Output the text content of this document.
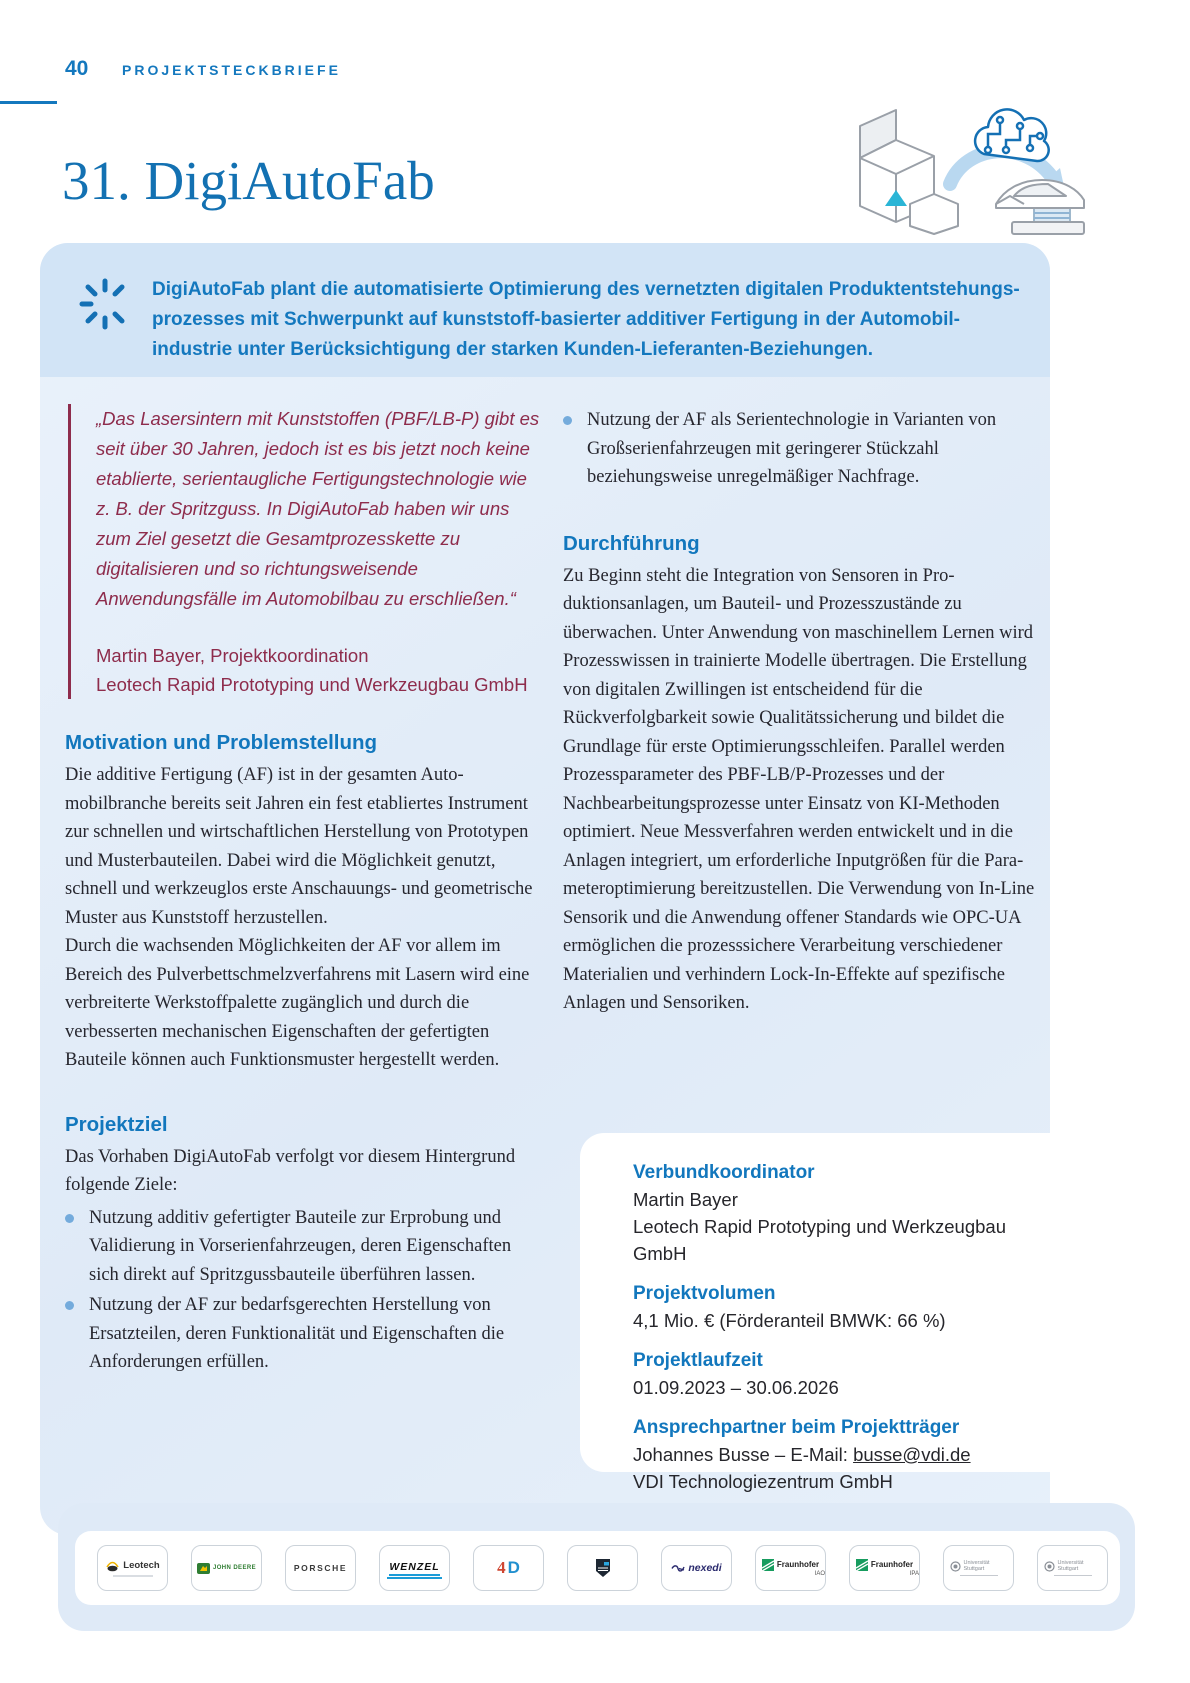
40 PROJEKTSTECKBRIEFE
31. DigiAutoFab
DigiAutoFab plant die automatisierte Optimierung des vernetzten digitalen Produktentstehungsprozesses mit Schwerpunkt auf kunststoff-basierter additiver Fertigung in der Automobilindustrie unter Berücksichtigung der starken Kunden-Lieferanten-Beziehungen.
„Das Lasersintern mit Kunststoffen (PBF/LB-P) gibt es seit über 30 Jahren, jedoch ist es bis jetzt noch keine etablierte, serientaugliche Fertigungstechnologie wie z. B. der Spritzguss. In DigiAutoFab haben wir uns zum Ziel gesetzt die Gesamtprozesskette zu digitalisieren und so richtungsweisende Anwendungsfälle im Automobilbau zu erschließen.“
Martin Bayer, Projektkoordination
Leotech Rapid Prototyping und Werkzeugbau GmbH
Motivation und Problemstellung

Die additive Fertigung (AF) ist in der gesamten Automobilbranche bereits seit Jahren ein fest etabliertes Instrument zur schnellen und wirtschaftlichen Herstellung von Prototypen und Musterbauteilen. Dabei wird die Möglichkeit genutzt, schnell und werkzeuglos erste Anschauungs- und geometrische Muster aus Kunststoff herzustellen.

Durch die wachsenden Möglichkeiten der AF vor allem im Bereich des Pulverbettschmelzverfahrens mit Lasern wird eine verbreiterte Werkstoffpalette zugänglich und durch die verbesserten mechanischen Eigenschaften der gefertigten Bauteile können auch Funktionsmuster hergestellt werden.

Projektziel

Das Vorhaben DigiAutoFab verfolgt vor diesem Hintergrund folgende Ziele:

Nutzung additiv gefertigter Bauteile zur Erprobung und Validierung in Vorserienfahrzeugen, deren Eigenschaften sich direkt auf Spritzgussbauteile überführen lassen.
Nutzung der AF zur bedarfsgerechten Herstellung von Ersatzteilen, deren Funktionalität und Eigenschaften die Anforderungen erfüllen.
Nutzung der AF als Serientechnologie in Varianten von Großserienfahrzeugen mit geringerer Stückzahl beziehungsweise unregelmäßiger Nachfrage.
Durchführung

Zu Beginn steht die Integration von Sensoren in Produktionsanlagen, um Bauteil- und Prozesszustände zu überwachen. Unter Anwendung von maschinellem Lernen wird Prozesswissen in trainierte Modelle übertragen. Die Erstellung von digitalen Zwillingen ist entscheidend für die Rückverfolgbarkeit sowie Qualitätssicherung und bildet die Grundlage für erste Optimierungsschleifen. Parallel werden Prozessparameter des PBF-LB/P-Prozesses und der Nachbearbeitungsprozesse unter Einsatz von KI-Methoden optimiert. Neue Messverfahren werden entwickelt und in die Anlagen integriert, um erforderliche Inputgrößen für die Parameteroptimierung bereitzustellen. Die Verwendung von In-Line Sensorik und die Anwendung offener Standards wie OPC-UA ermöglichen die prozesssichere Verarbeitung verschiedener Materialien und verhindern Lock-In-Effekte auf spezifische Anlagen und Sensoriken.

Verbundkoordinator
Martin Bayer
Leotech Rapid Prototyping und Werkzeugbau GmbH
Projektvolumen
4,1 Mio. € (Förderanteil BMWK: 66 %)
Projektlaufzeit
01.09.2023 – 30.06.2026
Ansprechpartner beim Projektträger
Johannes Busse – E-Mail: busse@vdi.de
VDI Technologiezentrum GmbH
Leotech	JOHN DEERE	PORSCHE	WENZEL	4 D	nexedi	Fraunhofer
IAO
Fraunhofer
IPA
Universität Stuttgart
Universität Stuttgart
